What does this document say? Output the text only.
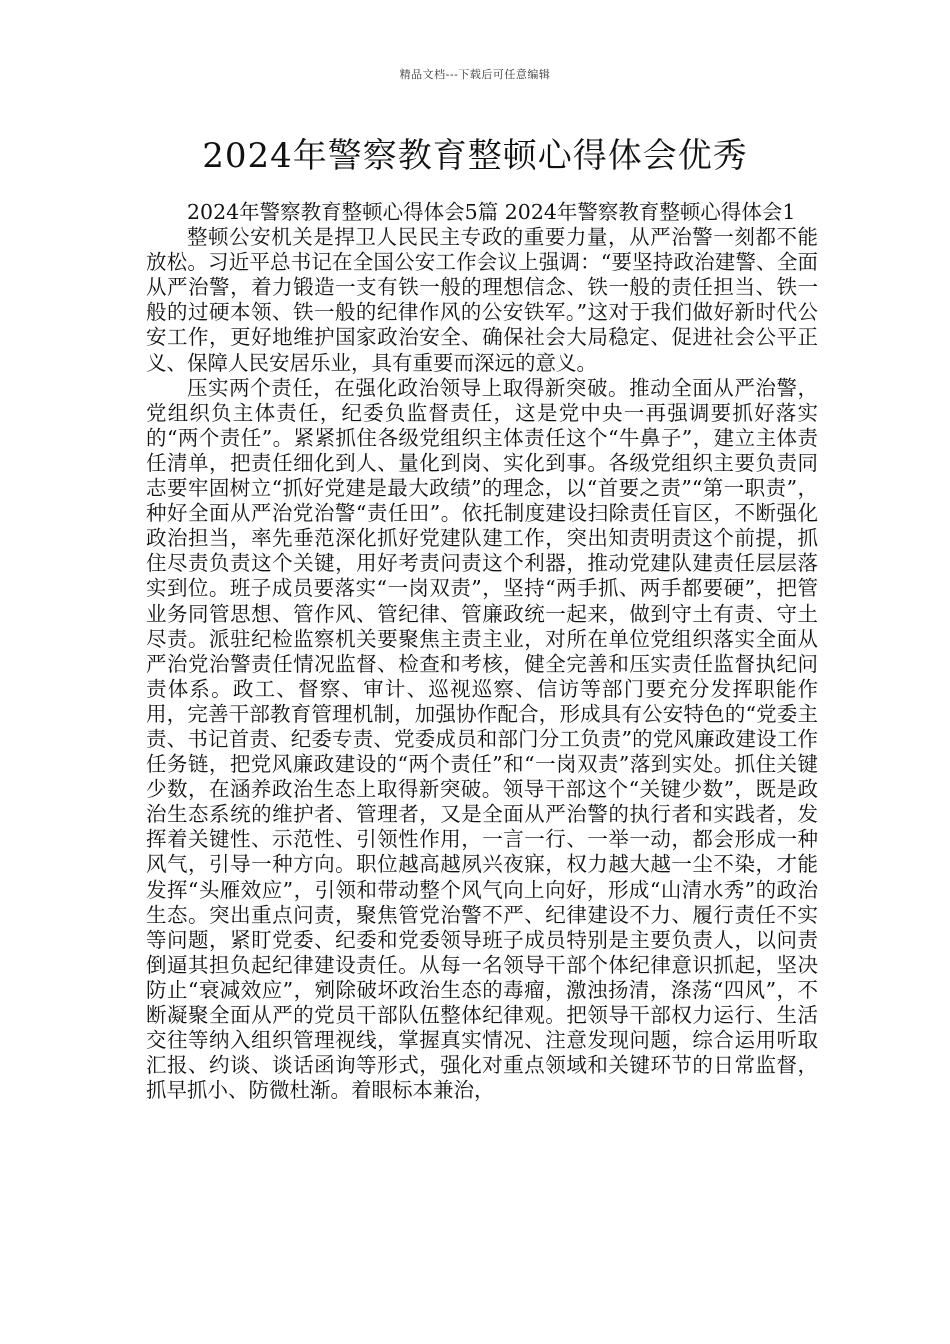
精品文档---下载后可任意编辑
2024年警察教育整顿心得体会优秀

2024年警察教育整顿心得体会5篇 2024年警察教育整顿心得体会1

整顿公安机关是捍卫人民民主专政的重要力量，从严治警一刻都不能放松。习近平总书记在全国公安工作会议上强调：“要坚持政治建警、全面从严治警，着力锻造一支有铁一般的理想信念、铁一般的责任担当、铁一般的过硬本领、铁一般的纪律作风的公安铁军。”这对于我们做好新时代公安工作，更好地维护国家政治安全、确保社会大局稳定、促进社会公平正义、保障人民安居乐业，具有重要而深远的意义。

压实两个责任，在强化政治领导上取得新突破。推动全面从严治警，党组织负主体责任，纪委负监督责任，这是党中央一再强调要抓好落实的“两个责任”。紧紧抓住各级党组织主体责任这个“牛鼻子”，建立主体责任清单，把责任细化到人、量化到岗、实化到事。各级党组织主要负责同志要牢固树立“抓好党建是最大政绩”的理念，以“首要之责”“第一职责”，种好全面从严治党治警“责任田”。依托制度建设扫除责任盲区，不断强化政治担当，率先垂范深化抓好党建队建工作，突出知责明责这个前提，抓住尽责负责这个关键，用好考责问责这个利器，推动党建队建责任层层落实到位。班子成员要落实“一岗双责”，坚持“两手抓、两手都要硬”，把管业务同管思想、管作风、管纪律、管廉政统一起来，做到守土有责、守土尽责。派驻纪检监察机关要聚焦主责主业，对所在单位党组织落实全面从严治党治警责任情况监督、检查和考核，健全完善和压实责任监督执纪问责体系。政工、督察、审计、巡视巡察、信访等部门要充分发挥职能作用，完善干部教育管理机制，加强协作配合，形成具有公安特色的“党委主责、书记首责、纪委专责、党委成员和部门分工负责”的党风廉政建设工作任务链，把党风廉政建设的“两个责任”和“一岗双责”落到实处。抓住关键少数，在涵养政治生态上取得新突破。领导干部这个“关键少数”，既是政治生态系统的维护者、管理者，又是全面从严治警的执行者和实践者，发挥着关键性、示范性、引领性作用，一言一行、一举一动，都会形成一种风气，引导一种方向。职位越高越夙兴夜寐，权力越大越一尘不染，才能发挥“头雁效应”，引领和带动整个风气向上向好，形成“山清水秀”的政治生态。突出重点问责，聚焦管党治警不严、纪律建设不力、履行责任不实等问题，紧盯党委、纪委和党委领导班子成员特别是主要负责人，以问责倒逼其担负起纪律建设责任。从每一名领导干部个体纪律意识抓起，坚决防止“衰减效应”，剜除破坏政治生态的毒瘤，激浊扬清，涤荡“四风”，不断凝聚全面从严的党员干部队伍整体纪律观。把领导干部权力运行、生活交往等纳入组织管理视线，掌握真实情况、注意发现问题，综合运用听取汇报、约谈、谈话函询等形式，强化对重点领域和关键环节的日常监督，抓早抓小、防微杜渐。着眼标本兼治，
